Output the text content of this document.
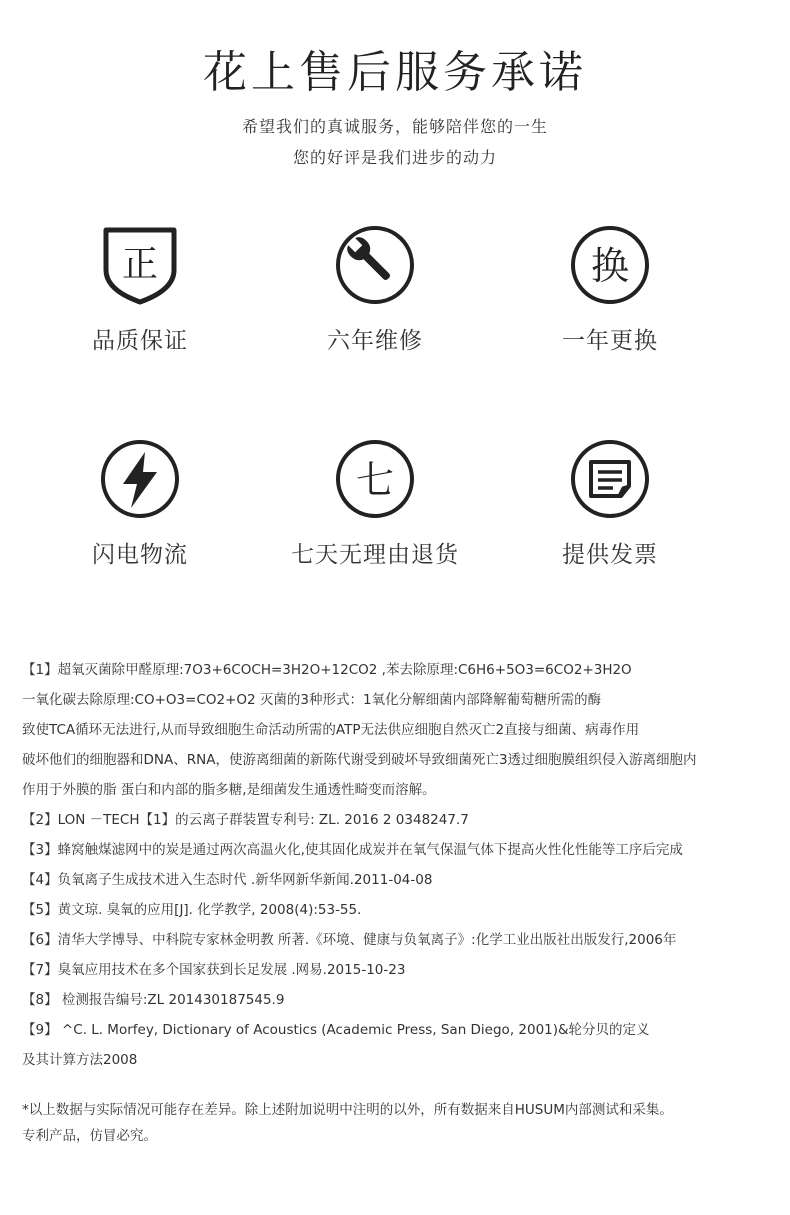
花上售后服务承诺
希望我们的真诚服务，能够陪伴您的一生
您的好评是我们进步的动力
正
品质保证	六年维修
换
一年更换
闪电物流
七
七天无理由退货	提供发票
【1】超氧灭菌除甲醛原理:7O3+6COCH=3H2O+12CO2 ,苯去除原理:C6H6+5O3=6CO2+3H2O
一氧化碳去除原理:CO+O3=CO2+O2 灭菌的3种形式：1氧化分解细菌内部降解葡萄糖所需的酶
致使TCA循环无法进行,从而导致细胞生命活动所需的ATP无法供应细胞自然灭亡2直接与细菌、病毒作用
破坏他们的细胞器和DNA、RNA，使游离细菌的新陈代谢受到破坏导致细菌死亡3透过细胞膜组织侵入游离细胞内
作用于外膜的脂 蛋白和内部的脂多糖,是细菌发生通透性畸变而溶解。
【2】LON －TECH【1】的云离子群装置专利号: ZL. 2016 2 0348247.7
【3】蜂窝触煤滤网中的炭是通过两次高温火化,使其固化成炭并在氧气保温气体下提高火性化性能等工序后完成
【4】负氧离子生成技术进入生态时代 .新华网新华新闻.2011-04-08
【5】黄文琼. 臭氧的应用[J]. 化学教学, 2008(4):53-55.
【6】清华大学博导、中科院专家林金明教 所著.《环境、健康与负氧离子》:化学工业出版社出版发行,2006年
【7】臭氧应用技术在多个国家获到长足发展 .网易.2015-10-23
【8】 检测报告编号:ZL 201430187545.9
【9】 ^C. L. Morfey, Dictionary of Acoustics (Academic Press, San Diego, 2001)&轮分贝的定义
及其计算方法2008
*以上数据与实际情况可能存在差异。除上述附加说明中注明的以外，所有数据来自HUSUM内部测试和采集。
专利产品，仿冒必究。
